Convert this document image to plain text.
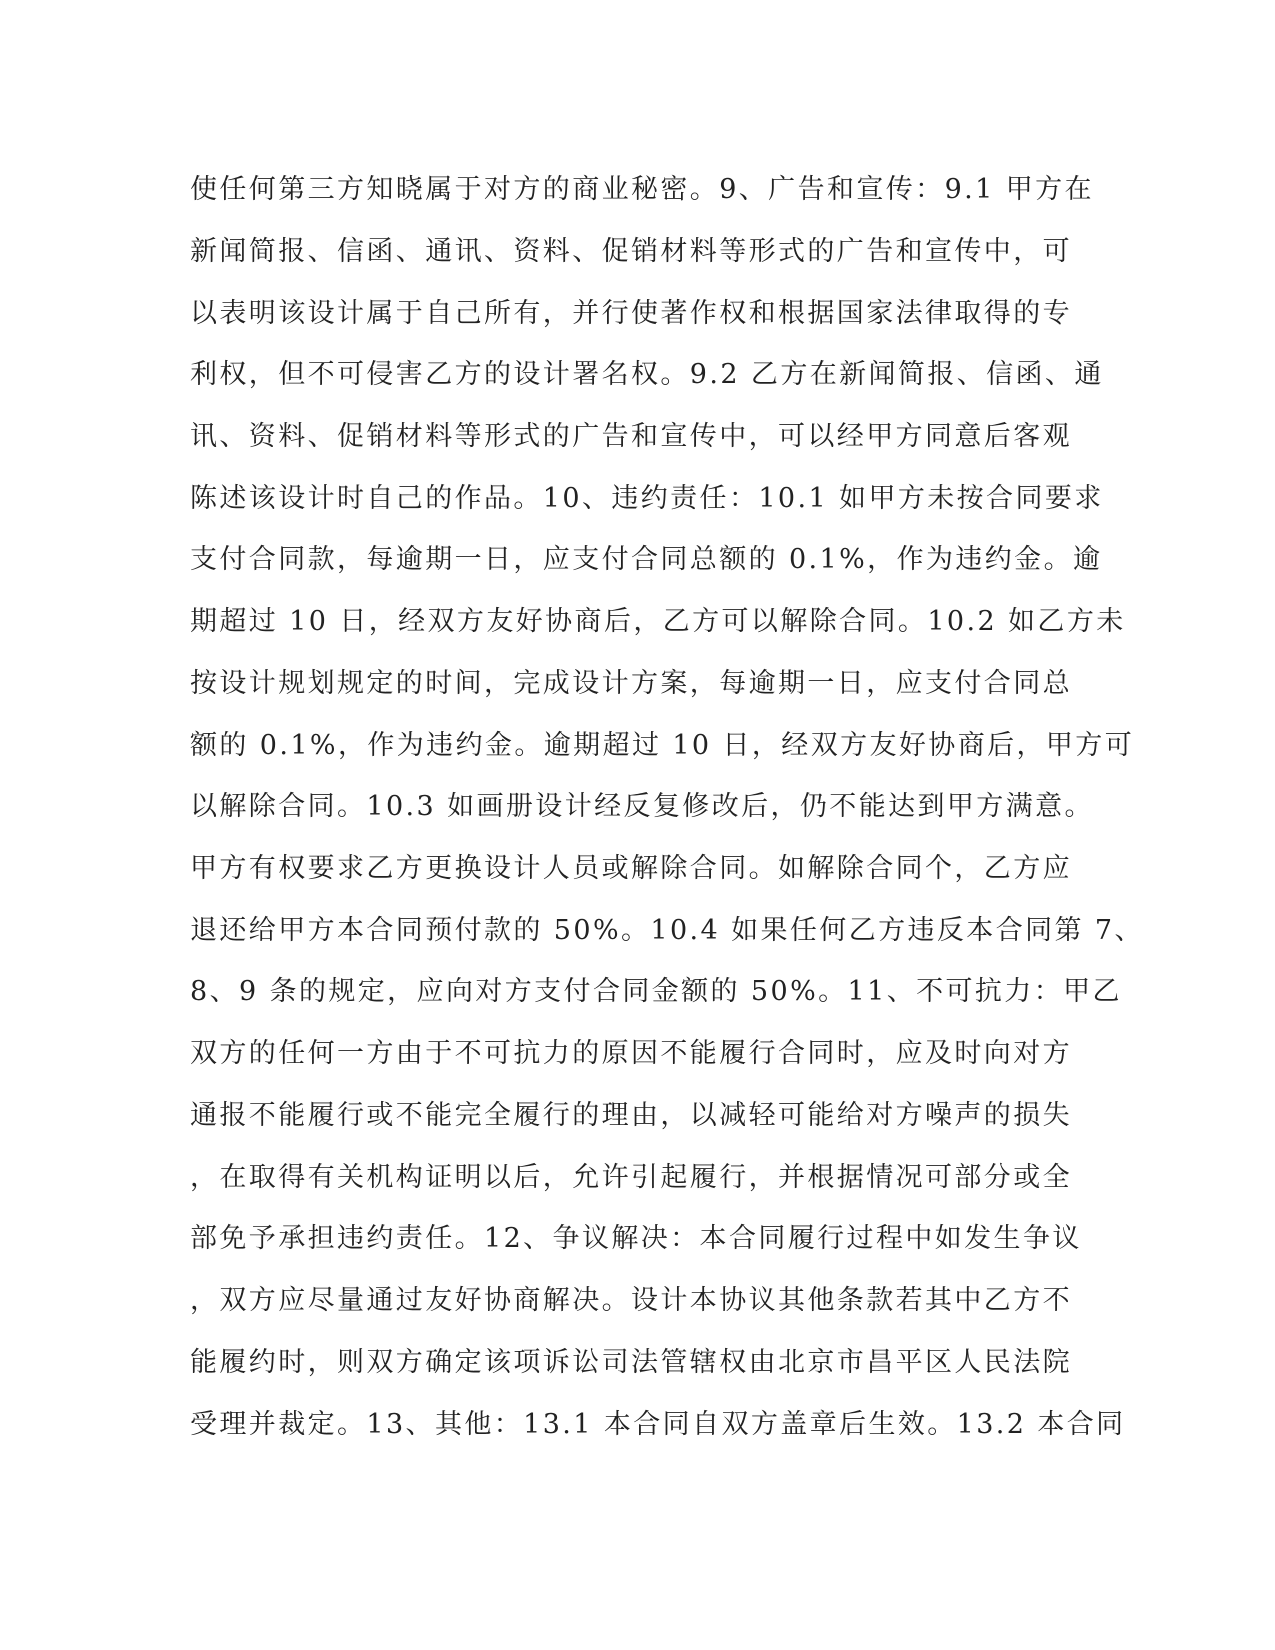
使任何第三方知晓属于对方的商业秘密。9、广告和宣传：9.1 甲方在

新闻简报、信函、通讯、资料、促销材料等形式的广告和宣传中，可

以表明该设计属于自己所有，并行使著作权和根据国家法律取得的专

利权，但不可侵害乙方的设计署名权。9.2 乙方在新闻简报、信函、通

讯、资料、促销材料等形式的广告和宣传中，可以经甲方同意后客观

陈述该设计时自己的作品。10、违约责任：10.1 如甲方未按合同要求

支付合同款，每逾期一日，应支付合同总额的 0.1%，作为违约金。逾

期超过 10 日，经双方友好协商后，乙方可以解除合同。10.2 如乙方未

按设计规划规定的时间，完成设计方案，每逾期一日，应支付合同总

额的 0.1%，作为违约金。逾期超过 10 日，经双方友好协商后，甲方可

以解除合同。10.3 如画册设计经反复修改后，仍不能达到甲方满意。

甲方有权要求乙方更换设计人员或解除合同。如解除合同个，乙方应

退还给甲方本合同预付款的 50%。10.4 如果任何乙方违反本合同第 7、

8、9 条的规定，应向对方支付合同金额的 50%。11、不可抗力：甲乙

双方的任何一方由于不可抗力的原因不能履行合同时，应及时向对方

通报不能履行或不能完全履行的理由，以减轻可能给对方噪声的损失

，在取得有关机构证明以后，允许引起履行，并根据情况可部分或全

部免予承担违约责任。12、争议解决：本合同履行过程中如发生争议

，双方应尽量通过友好协商解决。设计本协议其他条款若其中乙方不

能履约时，则双方确定该项诉讼司法管辖权由北京市昌平区人民法院

受理并裁定。13、其他：13.1 本合同自双方盖章后生效。13.2 本合同
